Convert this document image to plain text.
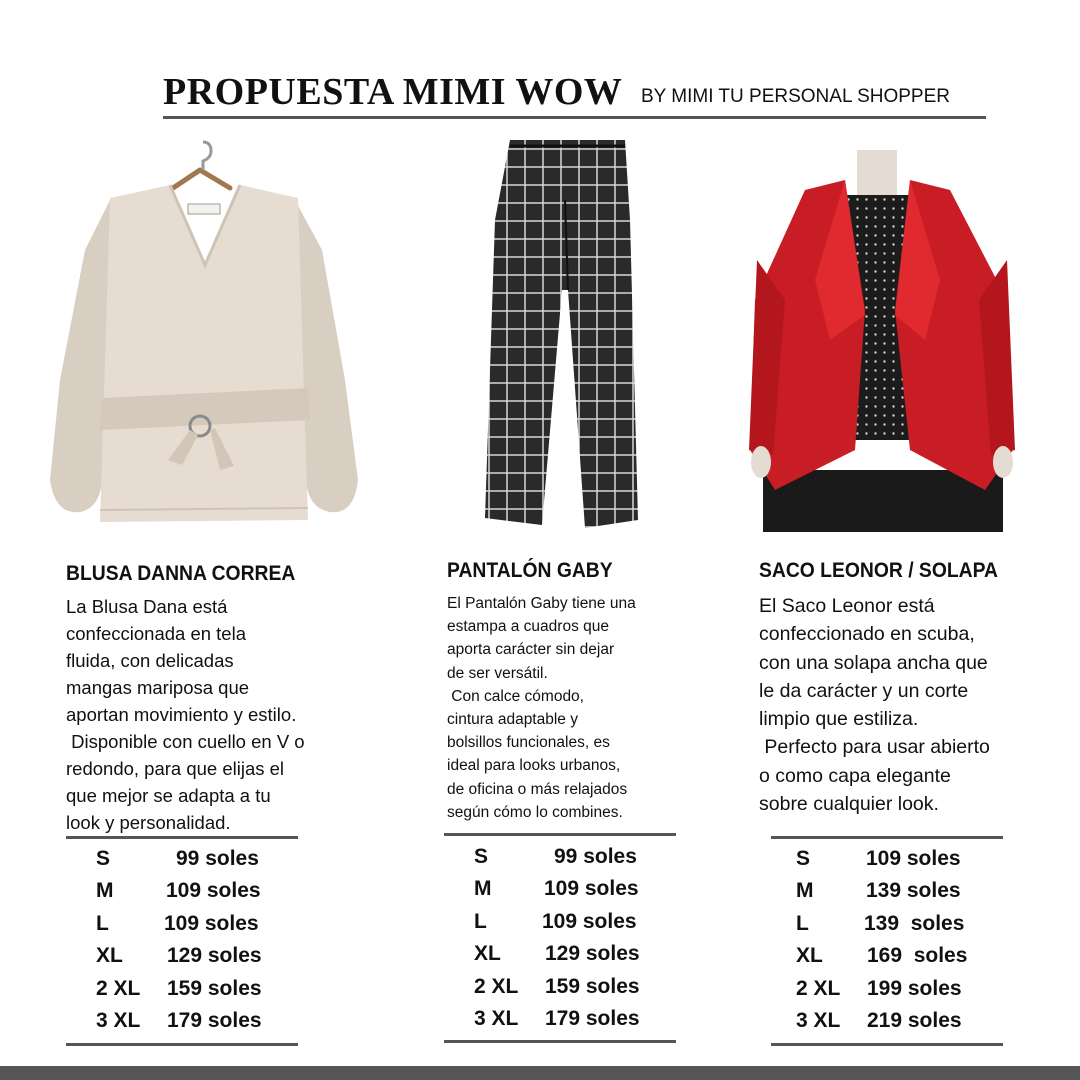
PROPUESTA MIMI WOW BY MIMI TU PERSONAL SHOPPER
BLUSA DANNA CORREA
La Blusa Dana está
confeccionada en tela
fluida, con delicadas
mangas mariposa que
aportan movimiento y estilo.
Disponible con cuello en V o
redondo, para que elijas el
que mejor se adapta a tu
look y personalidad.
S	99 soles
M	109 soles
L	109 soles
XL 129 soles
2 XL 159 soles
3 XL 179 soles
PANTALÓN GABY
El Pantalón Gaby tiene una
estampa a cuadros que
aporta carácter sin dejar
de ser versátil.
Con calce cómodo,
cintura adaptable y
bolsillos funcionales, es
ideal para looks urbanos,
de oficina o más relajados
según cómo lo combines.
S	99 soles
M	109 soles
L	109 soles
XL 129 soles
2 XL 159 soles
3 XL 179 soles
SACO LEONOR / SOLAPA
El Saco Leonor está
confeccionado en scuba,
con una solapa ancha que
le da carácter y un corte
limpio que estiliza.
Perfecto para usar abierto
o como capa elegante
sobre cualquier look.
S	109 soles
M	139 soles
L	139  soles
XL 169  soles
2 XL 199 soles
3 XL 219 soles
